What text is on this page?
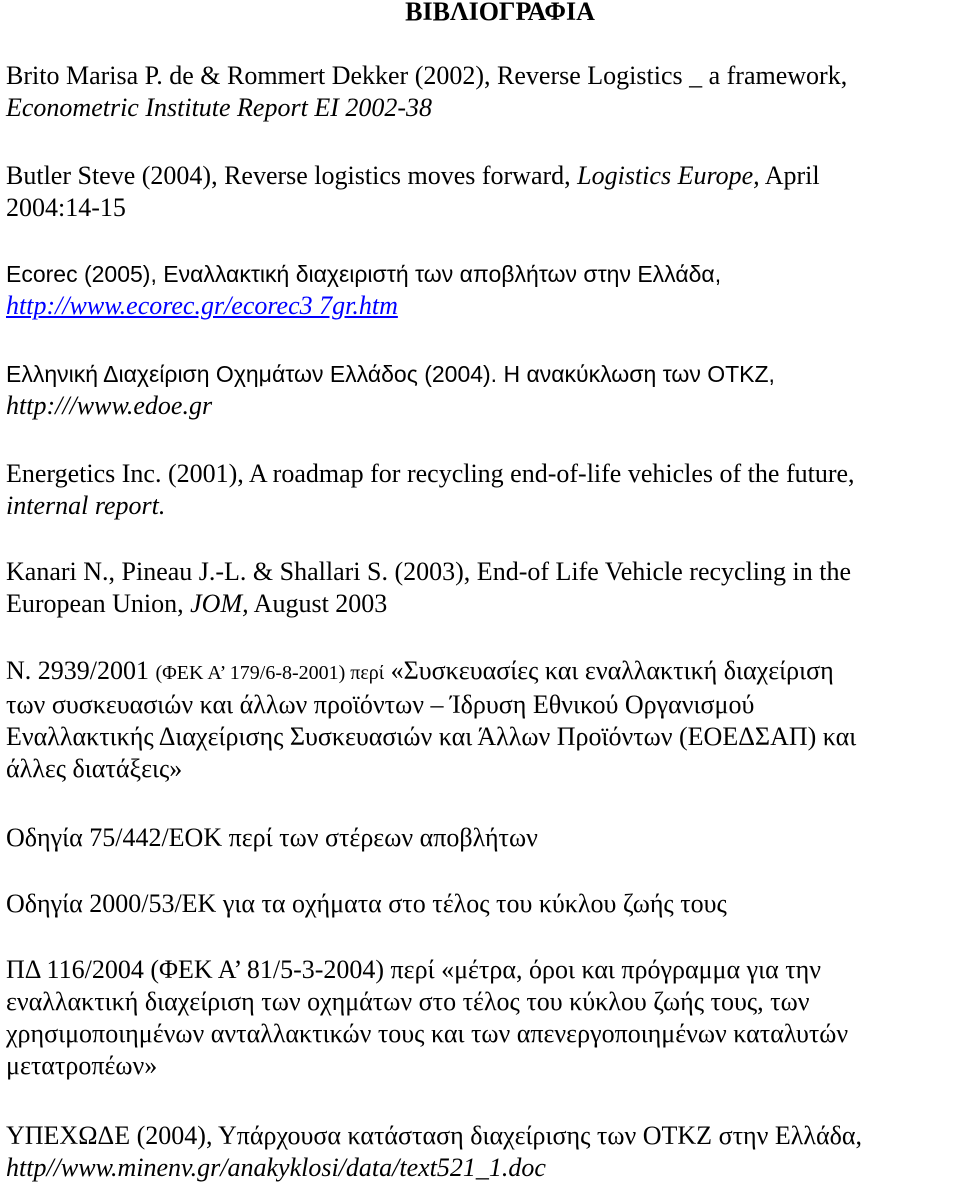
ΒΙΒΛΙΟΓΡΑΦΙΑ
Brito Marisa P. de & Rommert Dekker (2002), Reverse Logistics _ a framework,
Econometric Institute Report EI 2002-38
Butler Steve (2004), Reverse logistics moves forward, Logistics Europe, April
2004:14-15
Ecorec (2005), Εναλλακτική διαχειριστή των αποβλήτων στην Ελλάδα,
http://www.ecorec.gr/ecorec3 7gr.htm
Ελληνική Διαχείριση Οχημάτων Ελλάδος (2004). Η ανακύκλωση των ΟΤΚΖ,
http:///www.edoe.gr
Energetics Inc. (2001), A roadmap for recycling end-of-life vehicles of the future,
internal report.
Kanari N., Pineau J.-L. & Shallari S. (2003), End-of Life Vehicle recycling in the
European Union, JOM, August 2003
Ν. 2939/2001 (ΦΕΚ Α’ 179/6-8-2001) περί «Συσκευασίες και εναλλακτική διαχείριση
των συσκευασιών και άλλων προϊόντων – Ίδρυση Εθνικού Οργανισμού
Εναλλακτικής Διαχείρισης Συσκευασιών και Άλλων Προϊόντων (ΕΟΕΔΣΑΠ) και
άλλες διατάξεις»
Οδηγία 75/442/ΕΟΚ περί των στέρεων αποβλήτων
Οδηγία 2000/53/ΕΚ για τα οχήματα στο τέλος του κύκλου ζωής τους
ΠΔ 116/2004 (ΦΕΚ Α’ 81/5-3-2004) περί «μέτρα, όροι και πρόγραμμα για την
εναλλακτική διαχείριση των οχημάτων στο τέλος του κύκλου ζωής τους, των
χρησιμοποιημένων ανταλλακτικών τους και των απενεργοποιημένων καταλυτών
μετατροπέων»
ΥΠΕΧΩΔΕ (2004), Υπάρχουσα κατάσταση διαχείρισης των ΟΤΚΖ στην Ελλάδα,
http//www.minenv.gr/anakyklosi/data/text521_1.doc
